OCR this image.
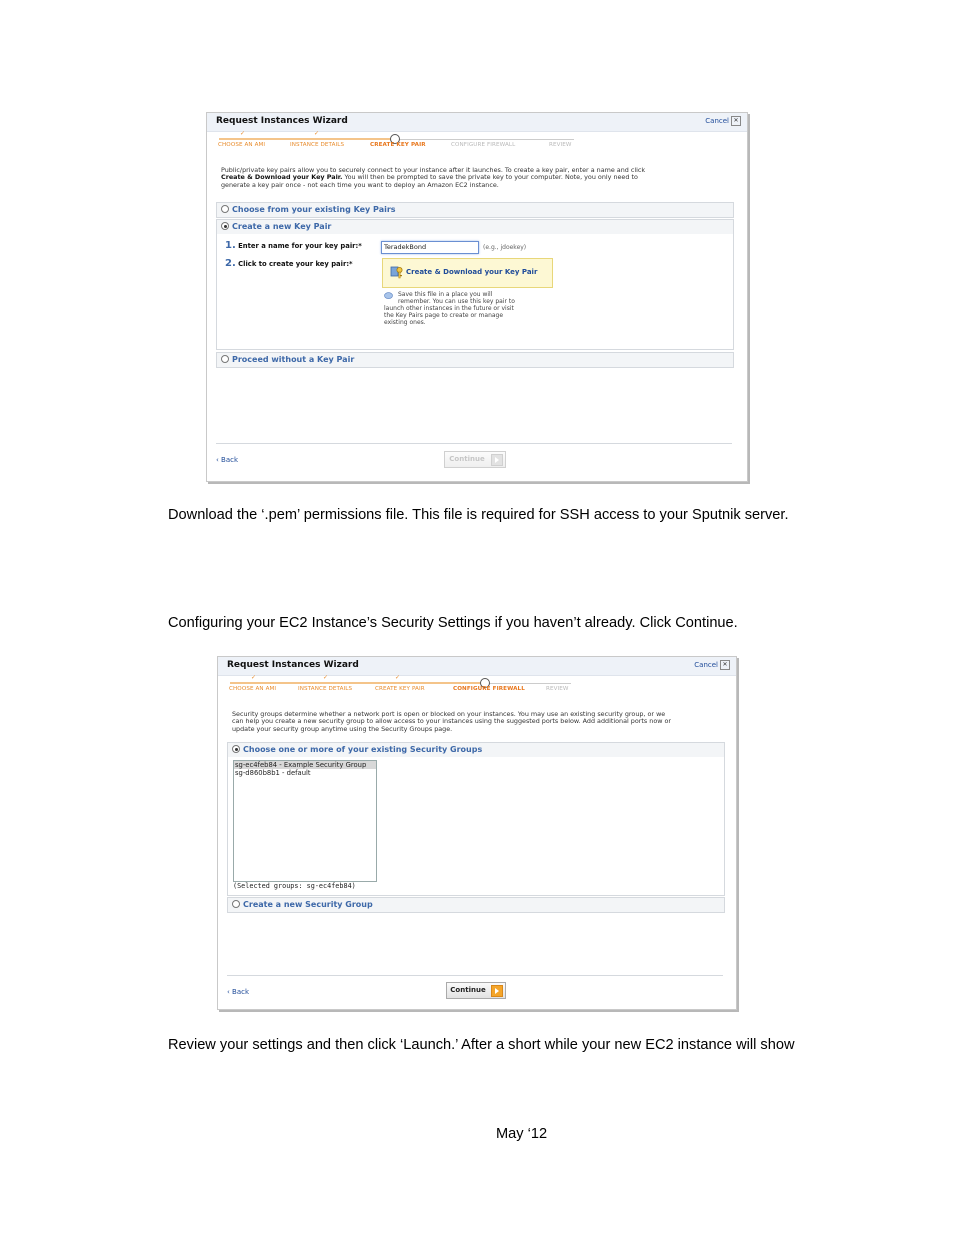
Request Instances Wizard	Cancel ✕
✓	✓
CHOOSE AN AMI	INSTANCE DETAILS	CREATE KEY PAIR	CONFIGURE FIREWALL	REVIEW
Public/private key pairs allow you to securely connect to your instance after it launches. To create a key pair, enter a name and click
Create & Download your Key Pair. You will then be prompted to save the private key to your computer. Note, you only need to
generate a key pair once - not each time you want to deploy an Amazon EC2 instance.
Choose from your existing Key Pairs
Create a new Key Pair
1. Enter a name for your key pair:*	TeradekBond	(e.g., jdoekey)
2. Click to create your key pair:*
Create & Download your Key Pair
Save this file in a place you will
remember. You can use this key pair to
launch other instances in the future or visit
the Key Pairs page to create or manage
existing ones.
Proceed without a Key Pair
‹ Back	Continue
Download the ‘.pem’ permissions file. This file is required for SSH access to your Sputnik server.
Configuring your EC2 Instance’s Security Settings if you haven’t already. Click Continue.
Request Instances Wizard	Cancel ✕
✓	✓	✓
CHOOSE AN AMI	INSTANCE DETAILS	CREATE KEY PAIR	CONFIGURE FIREWALL	REVIEW
Security groups determine whether a network port is open or blocked on your instances. You may use an existing security group, or we
can help you create a new security group to allow access to your instances using the suggested ports below. Add additional ports now or
update your security group anytime using the Security Groups page.
Choose one or more of your existing Security Groups
sg-ec4feb84 - Example Security Group
sg-d860b8b1 - default
(Selected groups: sg-ec4feb84)
Create a new Security Group
‹ Back	Continue
Review your settings and then click ‘Launch.’ After a short while your new EC2 instance will show
May ‘12
